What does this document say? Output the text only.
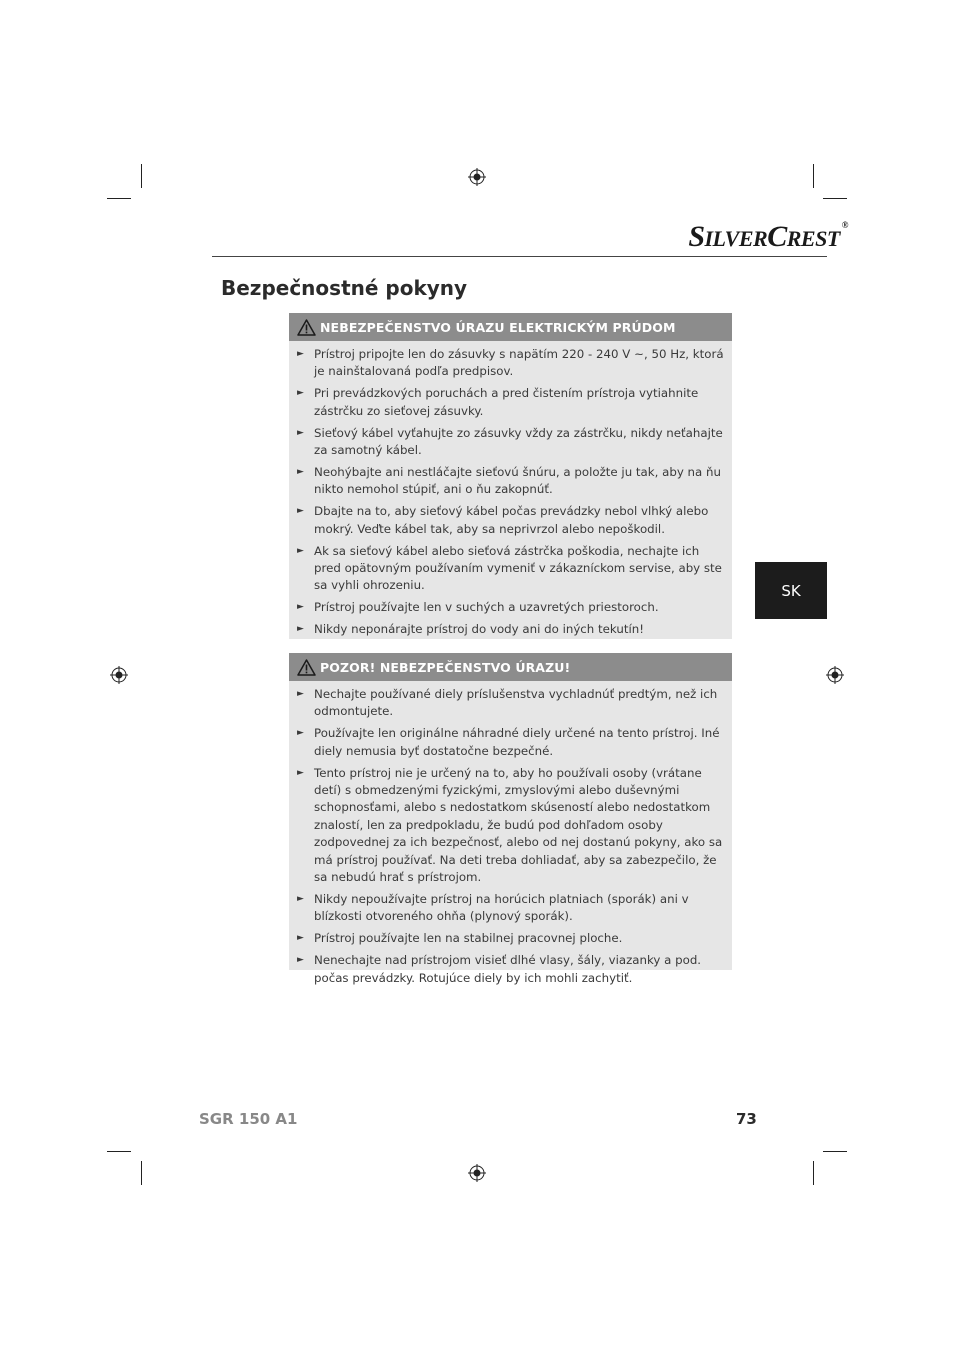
SILVERCREST®
Bezpečnostné pokyny
NEBEZPEČENSTVO ÚRAZU ELEKTRICKÝM PRÚDOM
► Prístroj pripojte len do zásuvky s napätím 220 - 240 V ~, 50 Hz, ktorá je nainštalovaná podľa predpisov.
► Pri prevádzkových poruchách a pred čistením prístroja vytiahnite zástrčku zo sieťovej zásuvky.
► Sieťový kábel vyťahujte zo zásuvky vždy za zástrčku, nikdy neťahajte za samotný kábel.
► Neohýbajte ani nestláčajte sieťovú šnúru, a položte ju tak, aby na ňu nikto nemohol stúpiť, ani o ňu zakopnúť.
► Dbajte na to, aby sieťový kábel počas prevádzky nebol vlhký alebo mokrý. Veďte kábel tak, aby sa neprivrzol alebo nepoškodil.
► Ak sa sieťový kábel alebo sieťová zástrčka poškodia, nechajte ich pred opätovným používaním vymeniť v zákazníckom servise, aby ste sa vyhli ohrozeniu.
► Prístroj používajte len v suchých a uzavretých priestoroch.
► Nikdy neponárajte prístroj do vody ani do iných tekutín!
POZOR! NEBEZPEČENSTVO ÚRAZU!
► Nechajte používané diely príslušenstva vychladnúť predtým, než ich odmontujete.
► Používajte len originálne náhradné diely určené na tento prístroj. Iné diely nemusia byť dostatočne bezpečné.
► Tento prístroj nie je určený na to, aby ho používali osoby (vrátane detí) s obmedzenými fyzickými, zmyslovými alebo duševnými schopnosťami, alebo s nedostatkom skúseností alebo nedostatkom znalostí, len za predpokladu, že budú pod dohľadom osoby zodpovednej za ich bezpečnosť, alebo od nej dostanú pokyny, ako sa má prístroj používať. Na deti treba dohliadať, aby sa zabezpečilo, že sa nebudú hrať s prístrojom.
► Nikdy nepoužívajte prístroj na horúcich platniach (sporák) ani v blízkosti otvoreného ohňa (plynový sporák).
► Prístroj používajte len na stabilnej pracovnej ploche.
► Nenechajte nad prístrojom visieť dlhé vlasy, šály, viazanky a pod. počas prevádzky. Rotujúce diely by ich mohli zachytiť.
SK
SGR 150 A1	73
